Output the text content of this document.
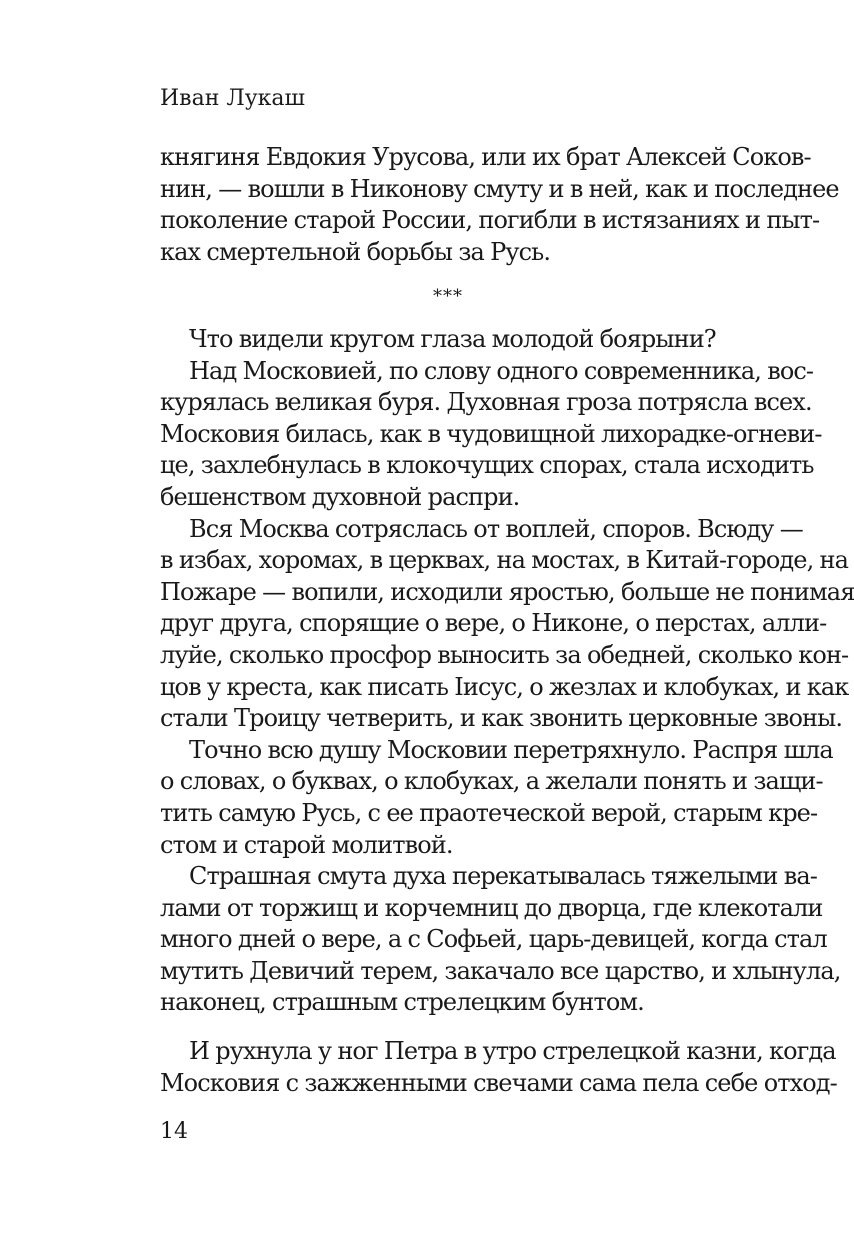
Иван Лукаш
княгиня Евдокия Урусова, или их брат Алексей Соков-
нин, — вошли в Никонову смуту и в ней, как и последнее
поколение старой России, погибли в истязаниях и пыт-
ках смертельной борьбы за Русь.
***
Что видели кругом глаза молодой боярыни?
Над Московией, по слову одного современника, вос-
курялась великая буря. Духовная гроза потрясла всех.
Московия билась, как в чудовищной лихорадке-огневи-
це, захлебнулась в клокочущих спорах, стала исходить
бешенством духовной распри.
Вся Москва сотряслась от воплей, споров. Всюду —
в избах, хоромах, в церквах, на мостах, в Китай-городе, на
Пожаре — вопили, исходили яростью, больше не понимая
друг друга, спорящие о вере, о Никоне, о перстах, алли-
луйе, сколько просфор выносить за обедней, сколько кон-
цов у креста, как писать Iисус, о жезлах и клобуках, и как
стали Троицу четверить, и как звонить церковные звоны.
Точно всю душу Московии перетряхнуло. Распря шла
о словах, о буквах, о клобуках, а желали понять и защи-
тить самую Русь, с ее праотеческой верой, старым кре-
стом и старой молитвой.
Страшная смута духа перекатывалась тяжелыми ва-
лами от торжищ и корчемниц до дворца, где клекотали
много дней о вере, а с Софьей, царь-девицей, когда стал
мутить Девичий терем, закачало все царство, и хлынула,
наконец, страшным стрелецким бунтом.
И рухнула у ног Петра в утро стрелецкой казни, когда
Московия с зажженными свечами сама пела себе отход-
14
